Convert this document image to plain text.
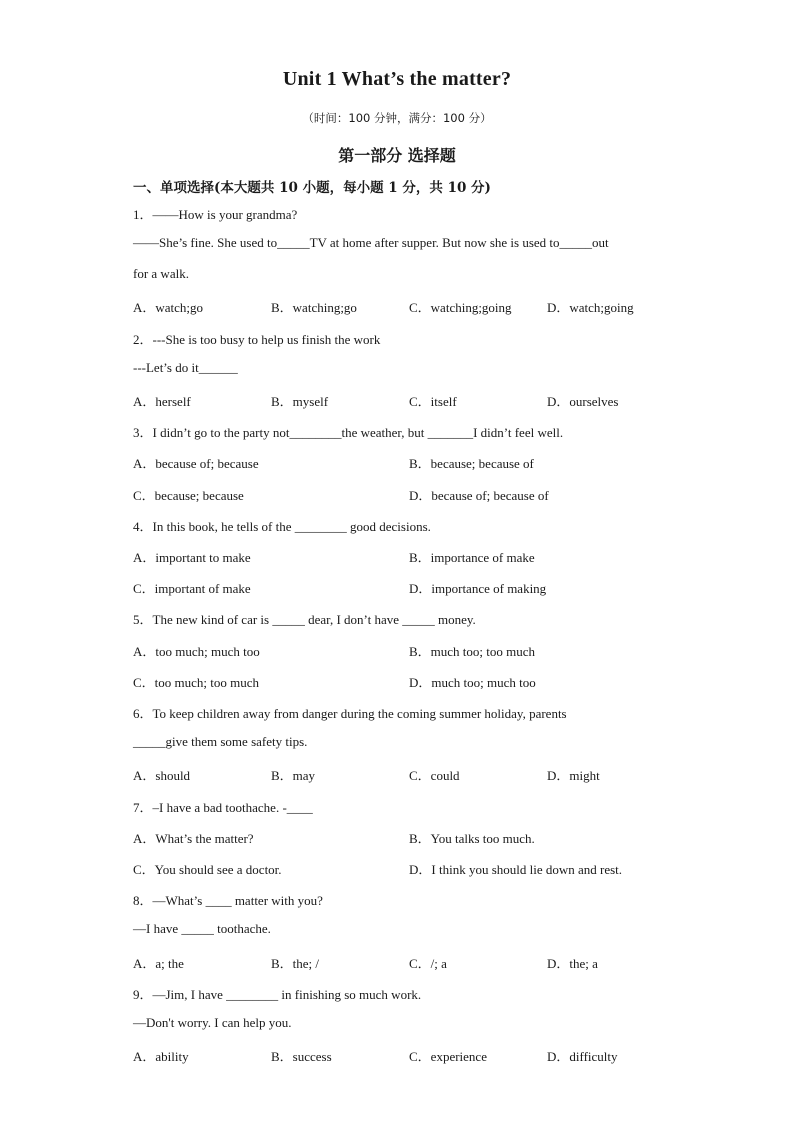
Unit 1 What’s the matter?
（时间：100 分钟，满分：100 分）
第一部分 选择题
一、单项选择(本大题共 10 小题，每小题 1 分，共 10 分)
1．——How is your grandma?
——She’s fine. She used to_____TV at home after supper. But now she is used to_____out
for a walk.
A．watch;go	B．watching;go	C．watching;going	D．watch;going
2．---She is too busy to help us finish the work
---Let’s do it______
A．herself	B．myself	C．itself	D．ourselves
3．I didn’t go to the party not________the weather, but _______I didn’t feel well.
A．because of; because	B．because; because of
C．because; because	D．because of; because of
4．In this book, he tells of the ________ good decisions.
A．important to make	B．importance of make
C．important of make	D．importance of making
5．The new kind of car is _____ dear, I don’t have _____ money.
A．too much; much too	B．much too; too much
C．too much; too much	D．much too; much too
6．To keep children away from danger during the coming summer holiday, parents
_____give them some safety tips.
A．should	B．may	C．could	D．might
7．–I have a bad toothache. -____
A．What’s the matter?	B．You talks too much.
C．You should see a doctor.	D．I think you should lie down and rest.
8．—What’s ____ matter with you?
—I have _____ toothache.
A．a; the	B．the; /	C．/; a	D．the; a
9．—Jim, I have ________ in finishing so much work.
—Don't worry. I can help you.
A．ability	B．success	C．experience	D．difficulty
